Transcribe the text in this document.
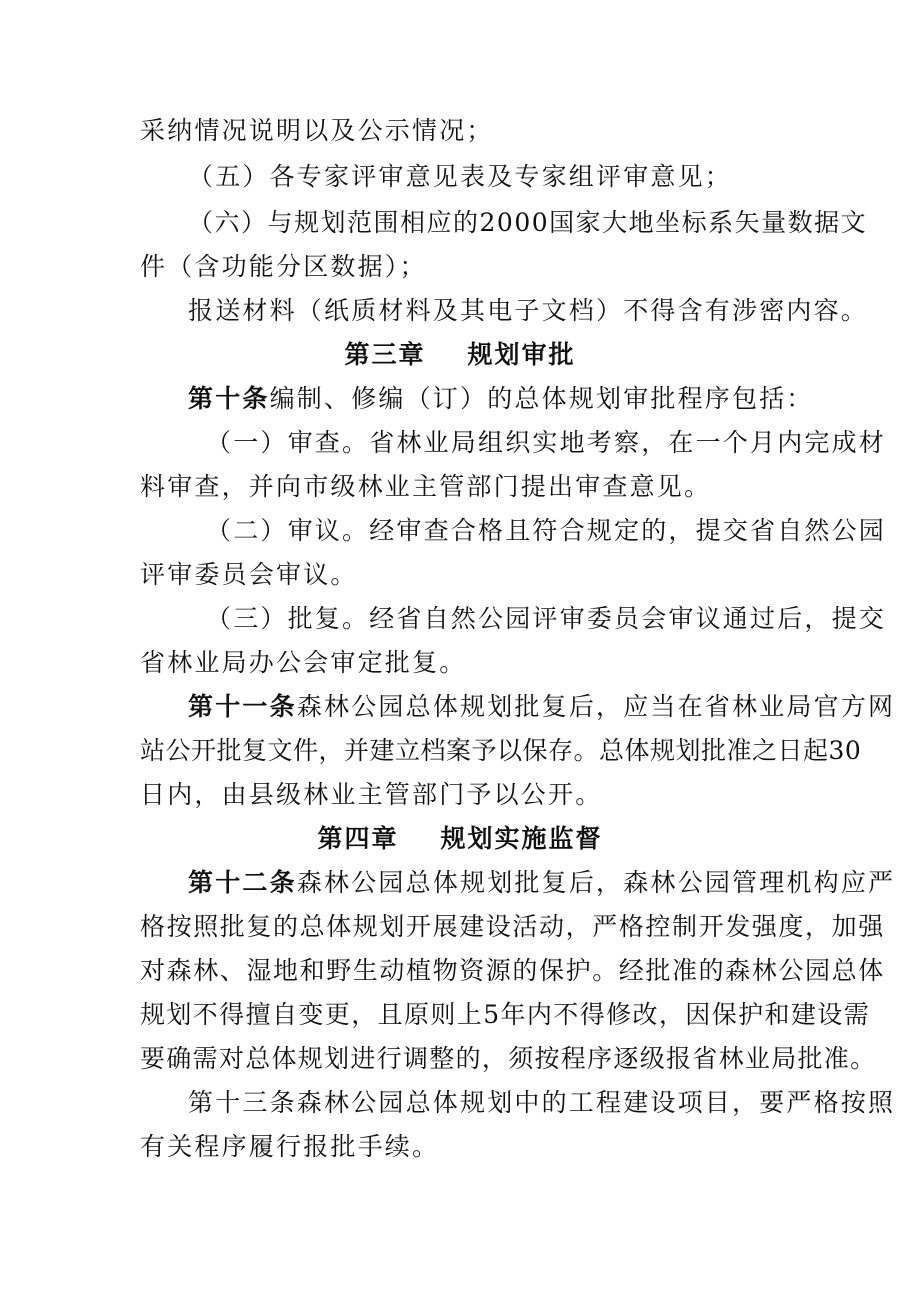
采纳情况说明以及公示情况；
（五）各专家评审意见表及专家组评审意见；
（六）与规划范围相应的2000国家大地坐标系矢量数据文
件（含功能分区数据）；
报送材料（纸质材料及其电子文档）不得含有涉密内容。
第三章 规划审批
第十条编制、修编（订）的总体规划审批程序包括：
（一）审查。省林业局组织实地考察，在一个月内完成材
料审查，并向市级林业主管部门提出审查意见。
（二）审议。经审查合格且符合规定的，提交省自然公园
评审委员会审议。
（三）批复。经省自然公园评审委员会审议通过后，提交
省林业局办公会审定批复。
第十一条森林公园总体规划批复后，应当在省林业局官方网
站公开批复文件，并建立档案予以保存。总体规划批准之日起30
日内，由县级林业主管部门予以公开。
第四章 规划实施监督
第十二条森林公园总体规划批复后，森林公园管理机构应严
格按照批复的总体规划开展建设活动，严格控制开发强度，加强
对森林、湿地和野生动植物资源的保护。经批准的森林公园总体
规划不得擅自变更，且原则上5年内不得修改，因保护和建设需
要确需对总体规划进行调整的，须按程序逐级报省林业局批准。
第十三条森林公园总体规划中的工程建设项目，要严格按照
有关程序履行报批手续。
